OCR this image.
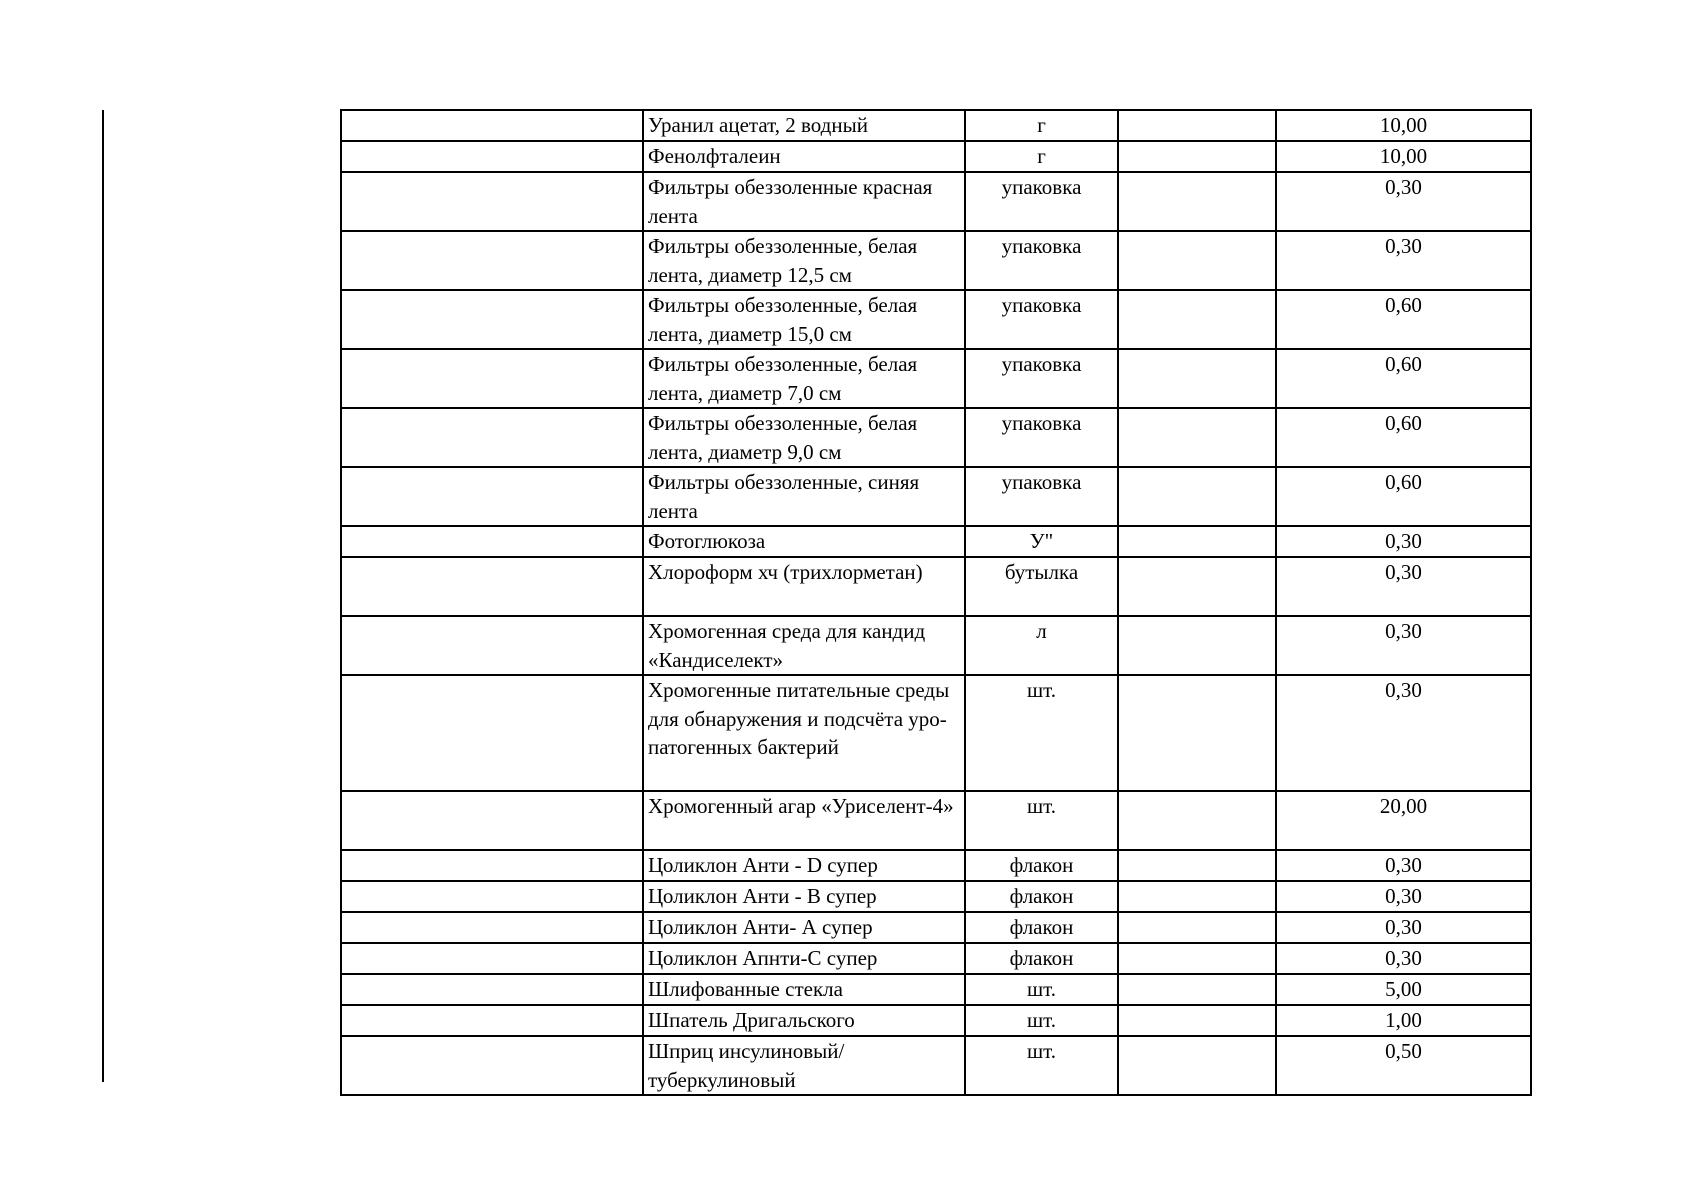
	Уранил ацетат, 2 водный	г		10,00
	Фенолфталеин	г		10,00
	Фильтры обеззоленные красная лента	упаковка		0,30
	Фильтры обеззоленные, белая лента, диаметр 12,5 см	упаковка		0,30
	Фильтры обеззоленные, белая лента, диаметр 15,0 см	упаковка		0,60
	Фильтры обеззоленные, белая лента, диаметр 7,0 см	упаковка		0,60
	Фильтры обеззоленные, белая лента, диаметр 9,0 см	упаковка		0,60
	Фильтры обеззоленные, синяя лента	упаковка		0,60
	Фотоглюкоза	У"		0,30
	Хлороформ хч (трихлорметан)	бутылка		0,30
	Хромогенная среда для кандид «Кандиселект»	л		0,30
	Хромогенные питательные среды для обнаружения и подсчёта уро-патогенных бактерий	шт.		0,30
	Хромогенный агар «Уриселент-4»	шт.		20,00
	Цоликлон Анти - D супер	флакон		0,30
	Цоликлон Анти - В супер	флакон		0,30
	Цоликлон Анти- А супер	флакон		0,30
	Цоликлон Апнти-С супер	флакон		0,30
	Шлифованные стекла	шт.		5,00
	Шпатель Дригальского	шт.		1,00
	Шприц инсулиновый/ туберкулиновый	шт.		0,50
